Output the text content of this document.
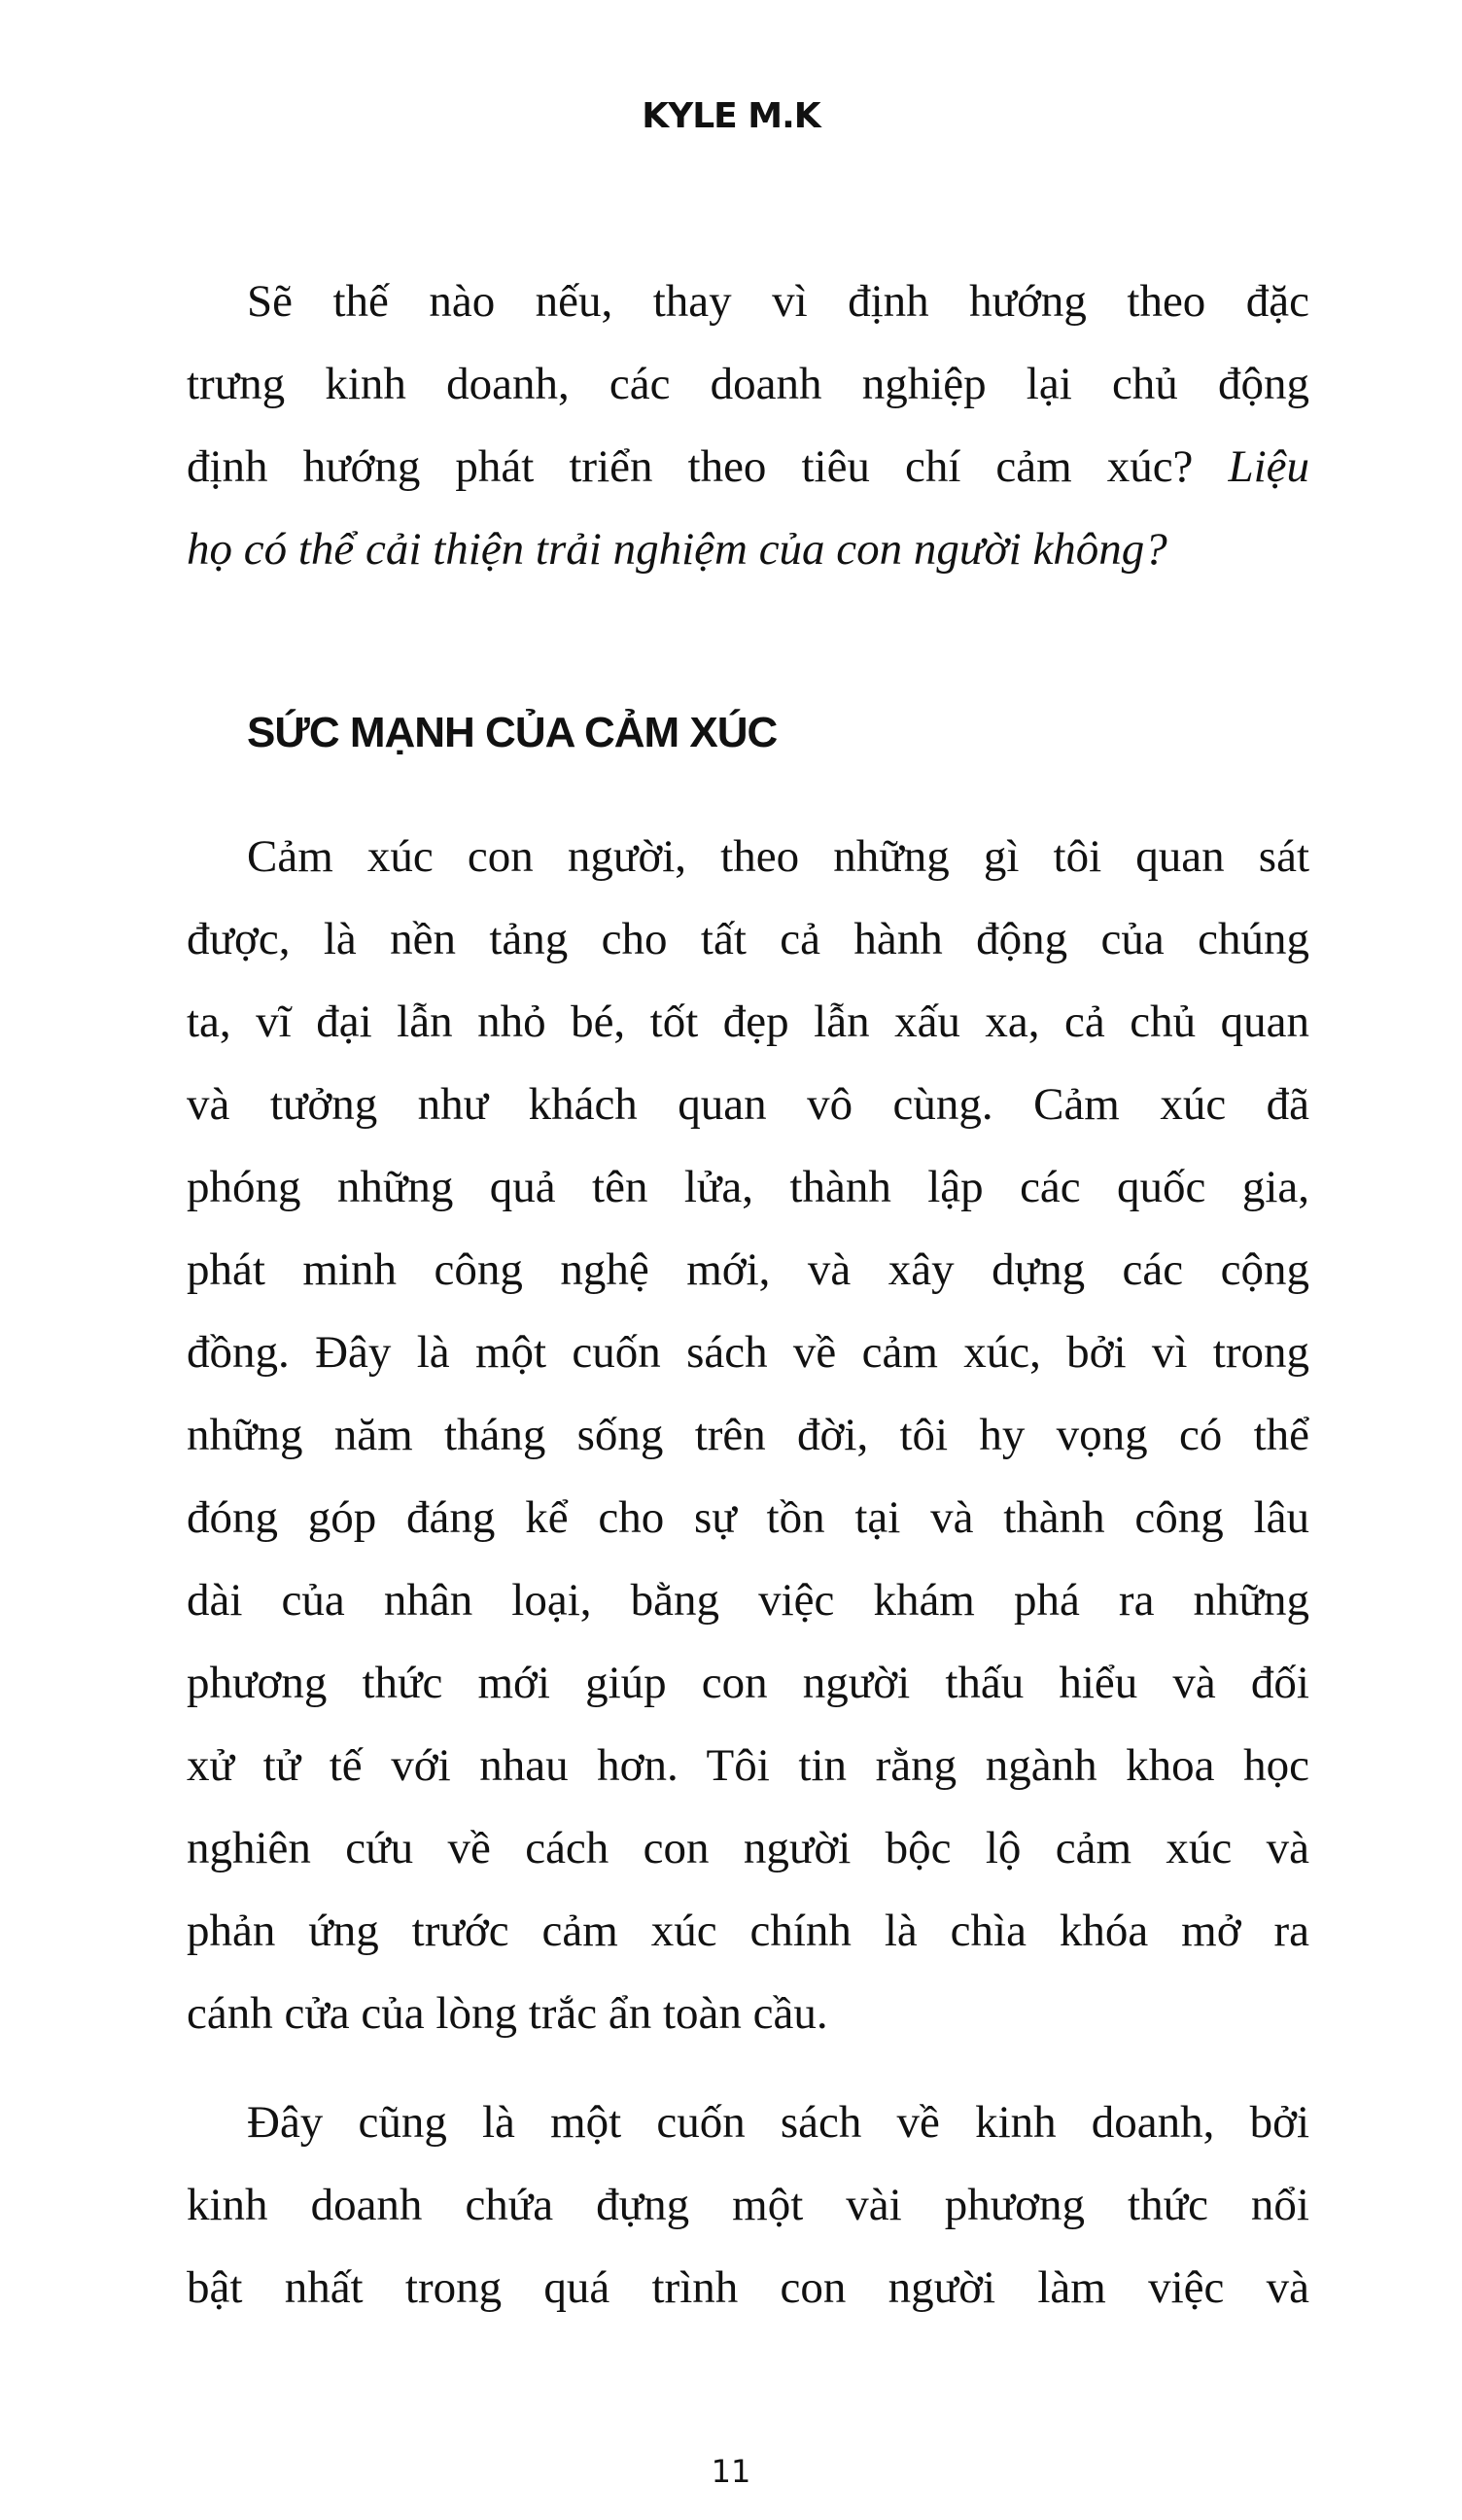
KYLE M.K
Sẽ thế nào nếu, thay vì định hướng theo đặc
trưng kinh doanh, các doanh nghiệp lại chủ động
định hướng phát triển theo tiêu chí cảm xúc? Liệu
họ có thể cải thiện trải nghiệm của con người không?
SỨC MẠNH CỦA CẢM XÚC
Cảm xúc con người, theo những gì tôi quan sát
được, là nền tảng cho tất cả hành động của chúng
ta, vĩ đại lẫn nhỏ bé, tốt đẹp lẫn xấu xa, cả chủ quan
và tưởng như khách quan vô cùng. Cảm xúc đã
phóng những quả tên lửa, thành lập các quốc gia,
phát minh công nghệ mới, và xây dựng các cộng
đồng. Đây là một cuốn sách về cảm xúc, bởi vì trong
những năm tháng sống trên đời, tôi hy vọng có thể
đóng góp đáng kể cho sự tồn tại và thành công lâu
dài của nhân loại, bằng việc khám phá ra những
phương thức mới giúp con người thấu hiểu và đối
xử tử tế với nhau hơn. Tôi tin rằng ngành khoa học
nghiên cứu về cách con người bộc lộ cảm xúc và
phản ứng trước cảm xúc chính là chìa khóa mở ra
cánh cửa của lòng trắc ẩn toàn cầu.
Đây cũng là một cuốn sách về kinh doanh, bởi
kinh doanh chứa đựng một vài phương thức nổi
bật nhất trong quá trình con người làm việc và
11
